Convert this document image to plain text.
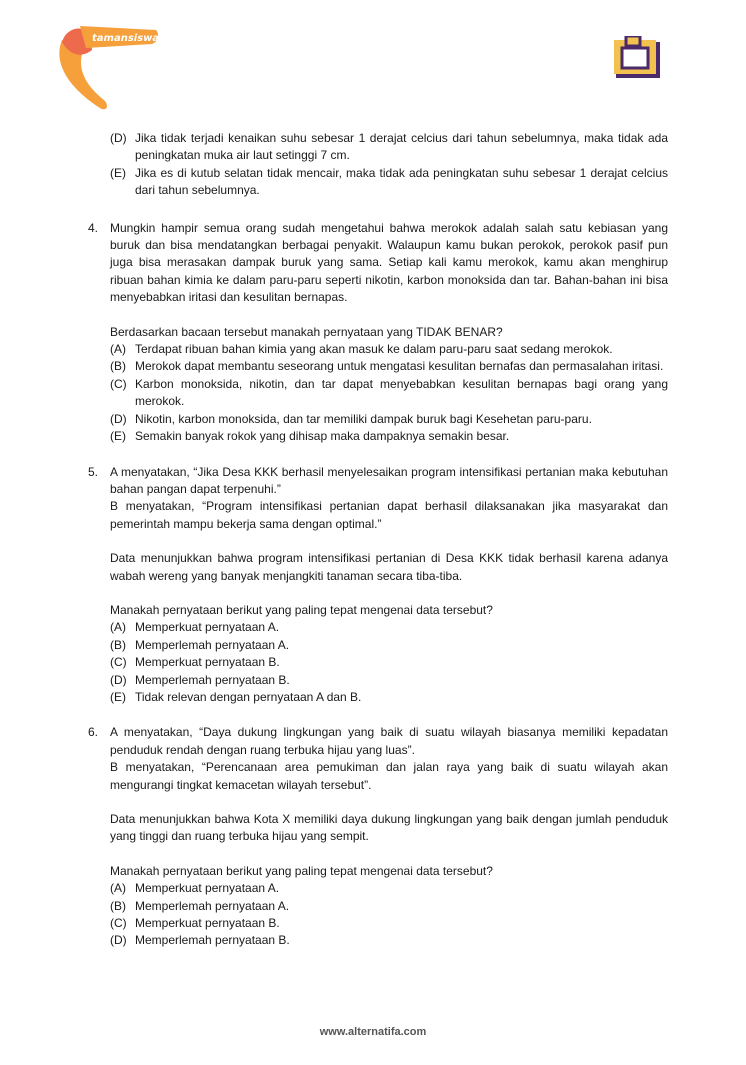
tamansiswa
(D) Jika tidak terjadi kenaikan suhu sebesar 1 derajat celcius dari tahun sebelumnya, maka tidak ada peningkatan muka air laut setinggi 7 cm.
(E) Jika es di kutub selatan tidak mencair, maka tidak ada peningkatan suhu sebesar 1 derajat celcius dari tahun sebelumnya.
4. Mungkin hampir semua orang sudah mengetahui bahwa merokok adalah salah satu kebiasan yang buruk dan bisa mendatangkan berbagai penyakit. Walaupun kamu bukan perokok, perokok pasif pun juga bisa merasakan dampak buruk yang sama. Setiap kali kamu merokok, kamu akan menghirup ribuan bahan kimia ke dalam paru-paru seperti nikotin, karbon monoksida dan tar. Bahan-bahan ini bisa menyebabkan iritasi dan kesulitan bernapas.

Berdasarkan bacaan tersebut manakah pernyataan yang TIDAK BENAR?

(A) Terdapat ribuan bahan kimia yang akan masuk ke dalam paru-paru saat sedang merokok.
(B) Merokok dapat membantu seseorang untuk mengatasi kesulitan bernafas dan permasalahan iritasi.
(C) Karbon monoksida, nikotin, dan tar dapat menyebabkan kesulitan bernapas bagi orang yang merokok.
(D) Nikotin, karbon monoksida, dan tar memiliki dampak buruk bagi Kesehetan paru-paru.
(E) Semakin banyak rokok yang dihisap maka dampaknya semakin besar.
5. A menyatakan, “Jika Desa KKK berhasil menyelesaikan program intensifikasi pertanian maka kebutuhan bahan pangan dapat terpenuhi.”

B menyatakan, “Program intensifikasi pertanian dapat berhasil dilaksanakan jika masyarakat dan pemerintah mampu bekerja sama dengan optimal.”

Data menunjukkan bahwa program intensifikasi pertanian di Desa KKK tidak berhasil karena adanya wabah wereng yang banyak menjangkiti tanaman secara tiba-tiba.

Manakah pernyataan berikut yang paling tepat mengenai data tersebut?

(A) Memperkuat pernyataan A.
(B) Memperlemah pernyataan A.
(C) Memperkuat pernyataan B.
(D) Memperlemah pernyataan B.
(E) Tidak relevan dengan pernyataan A dan B.
6. A menyatakan, “Daya dukung lingkungan yang baik di suatu wilayah biasanya memiliki kepadatan penduduk rendah dengan ruang terbuka hijau yang luas”.

B menyatakan, “Perencanaan area pemukiman dan jalan raya yang baik di suatu wilayah akan mengurangi tingkat kemacetan wilayah tersebut”.

Data menunjukkan bahwa Kota X memiliki daya dukung lingkungan yang baik dengan jumlah penduduk yang tinggi dan ruang terbuka hijau yang sempit.

Manakah pernyataan berikut yang paling tepat mengenai data tersebut?

(A) Memperkuat pernyataan A.
(B) Memperlemah pernyataan A.
(C) Memperkuat pernyataan B.
(D) Memperlemah pernyataan B.
www.alternatifa.com
